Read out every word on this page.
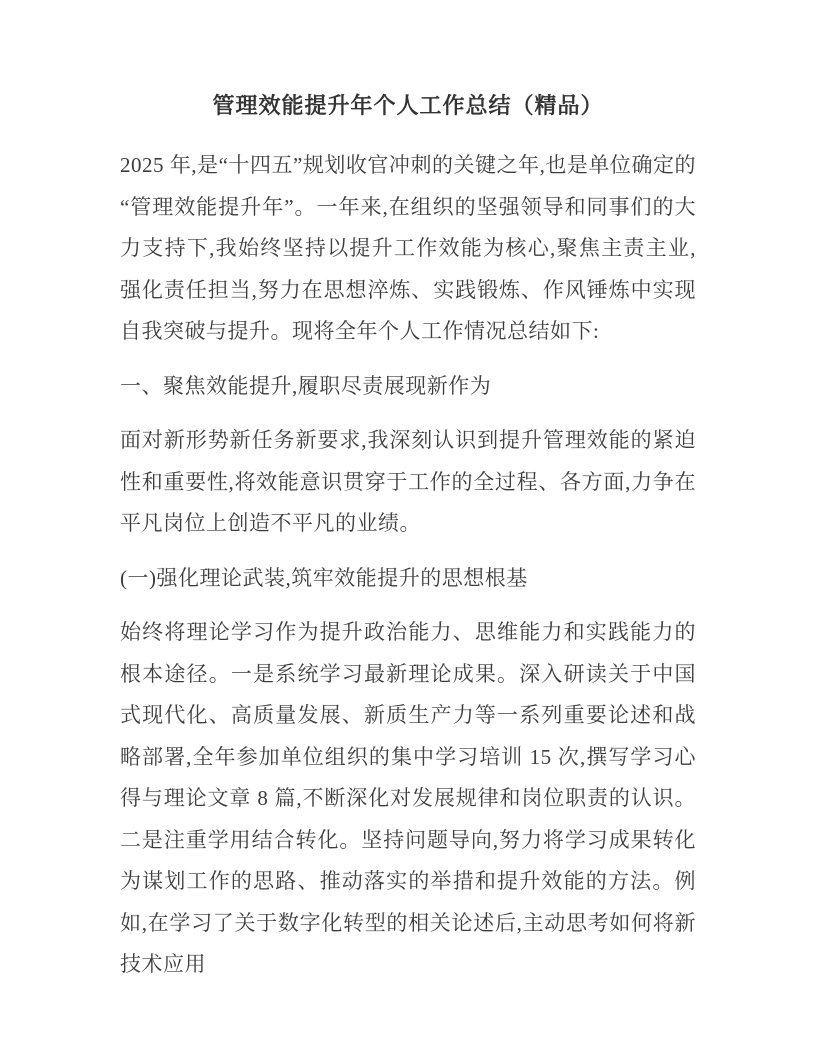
管理效能提升年个人工作总结（精品）

2025 年,是“十四五”规划收官冲刺的关键之年,也是单位确定的“管理效能提升年”。一年来,在组织的坚强领导和同事们的大力支持下,我始终坚持以提升工作效能为核心,聚焦主责主业,强化责任担当,努力在思想淬炼、实践锻炼、作风锤炼中实现自我突破与提升。现将全年个人工作情况总结如下:

一、聚焦效能提升,履职尽责展现新作为

面对新形势新任务新要求,我深刻认识到提升管理效能的紧迫性和重要性,将效能意识贯穿于工作的全过程、各方面,力争在平凡岗位上创造不平凡的业绩。

(一)强化理论武装,筑牢效能提升的思想根基

始终将理论学习作为提升政治能力、思维能力和实践能力的根本途径。一是系统学习最新理论成果。深入研读关于中国式现代化、高质量发展、新质生产力等一系列重要论述和战略部署,全年参加单位组织的集中学习培训 15 次,撰写学习心得与理论文章 8 篇,不断深化对发展规律和岗位职责的认识。二是注重学用结合转化。坚持问题导向,努力将学习成果转化为谋划工作的思路、推动落实的举措和提升效能的方法。例如,在学习了关于数字化转型的相关论述后,主动思考如何将新技术应用
